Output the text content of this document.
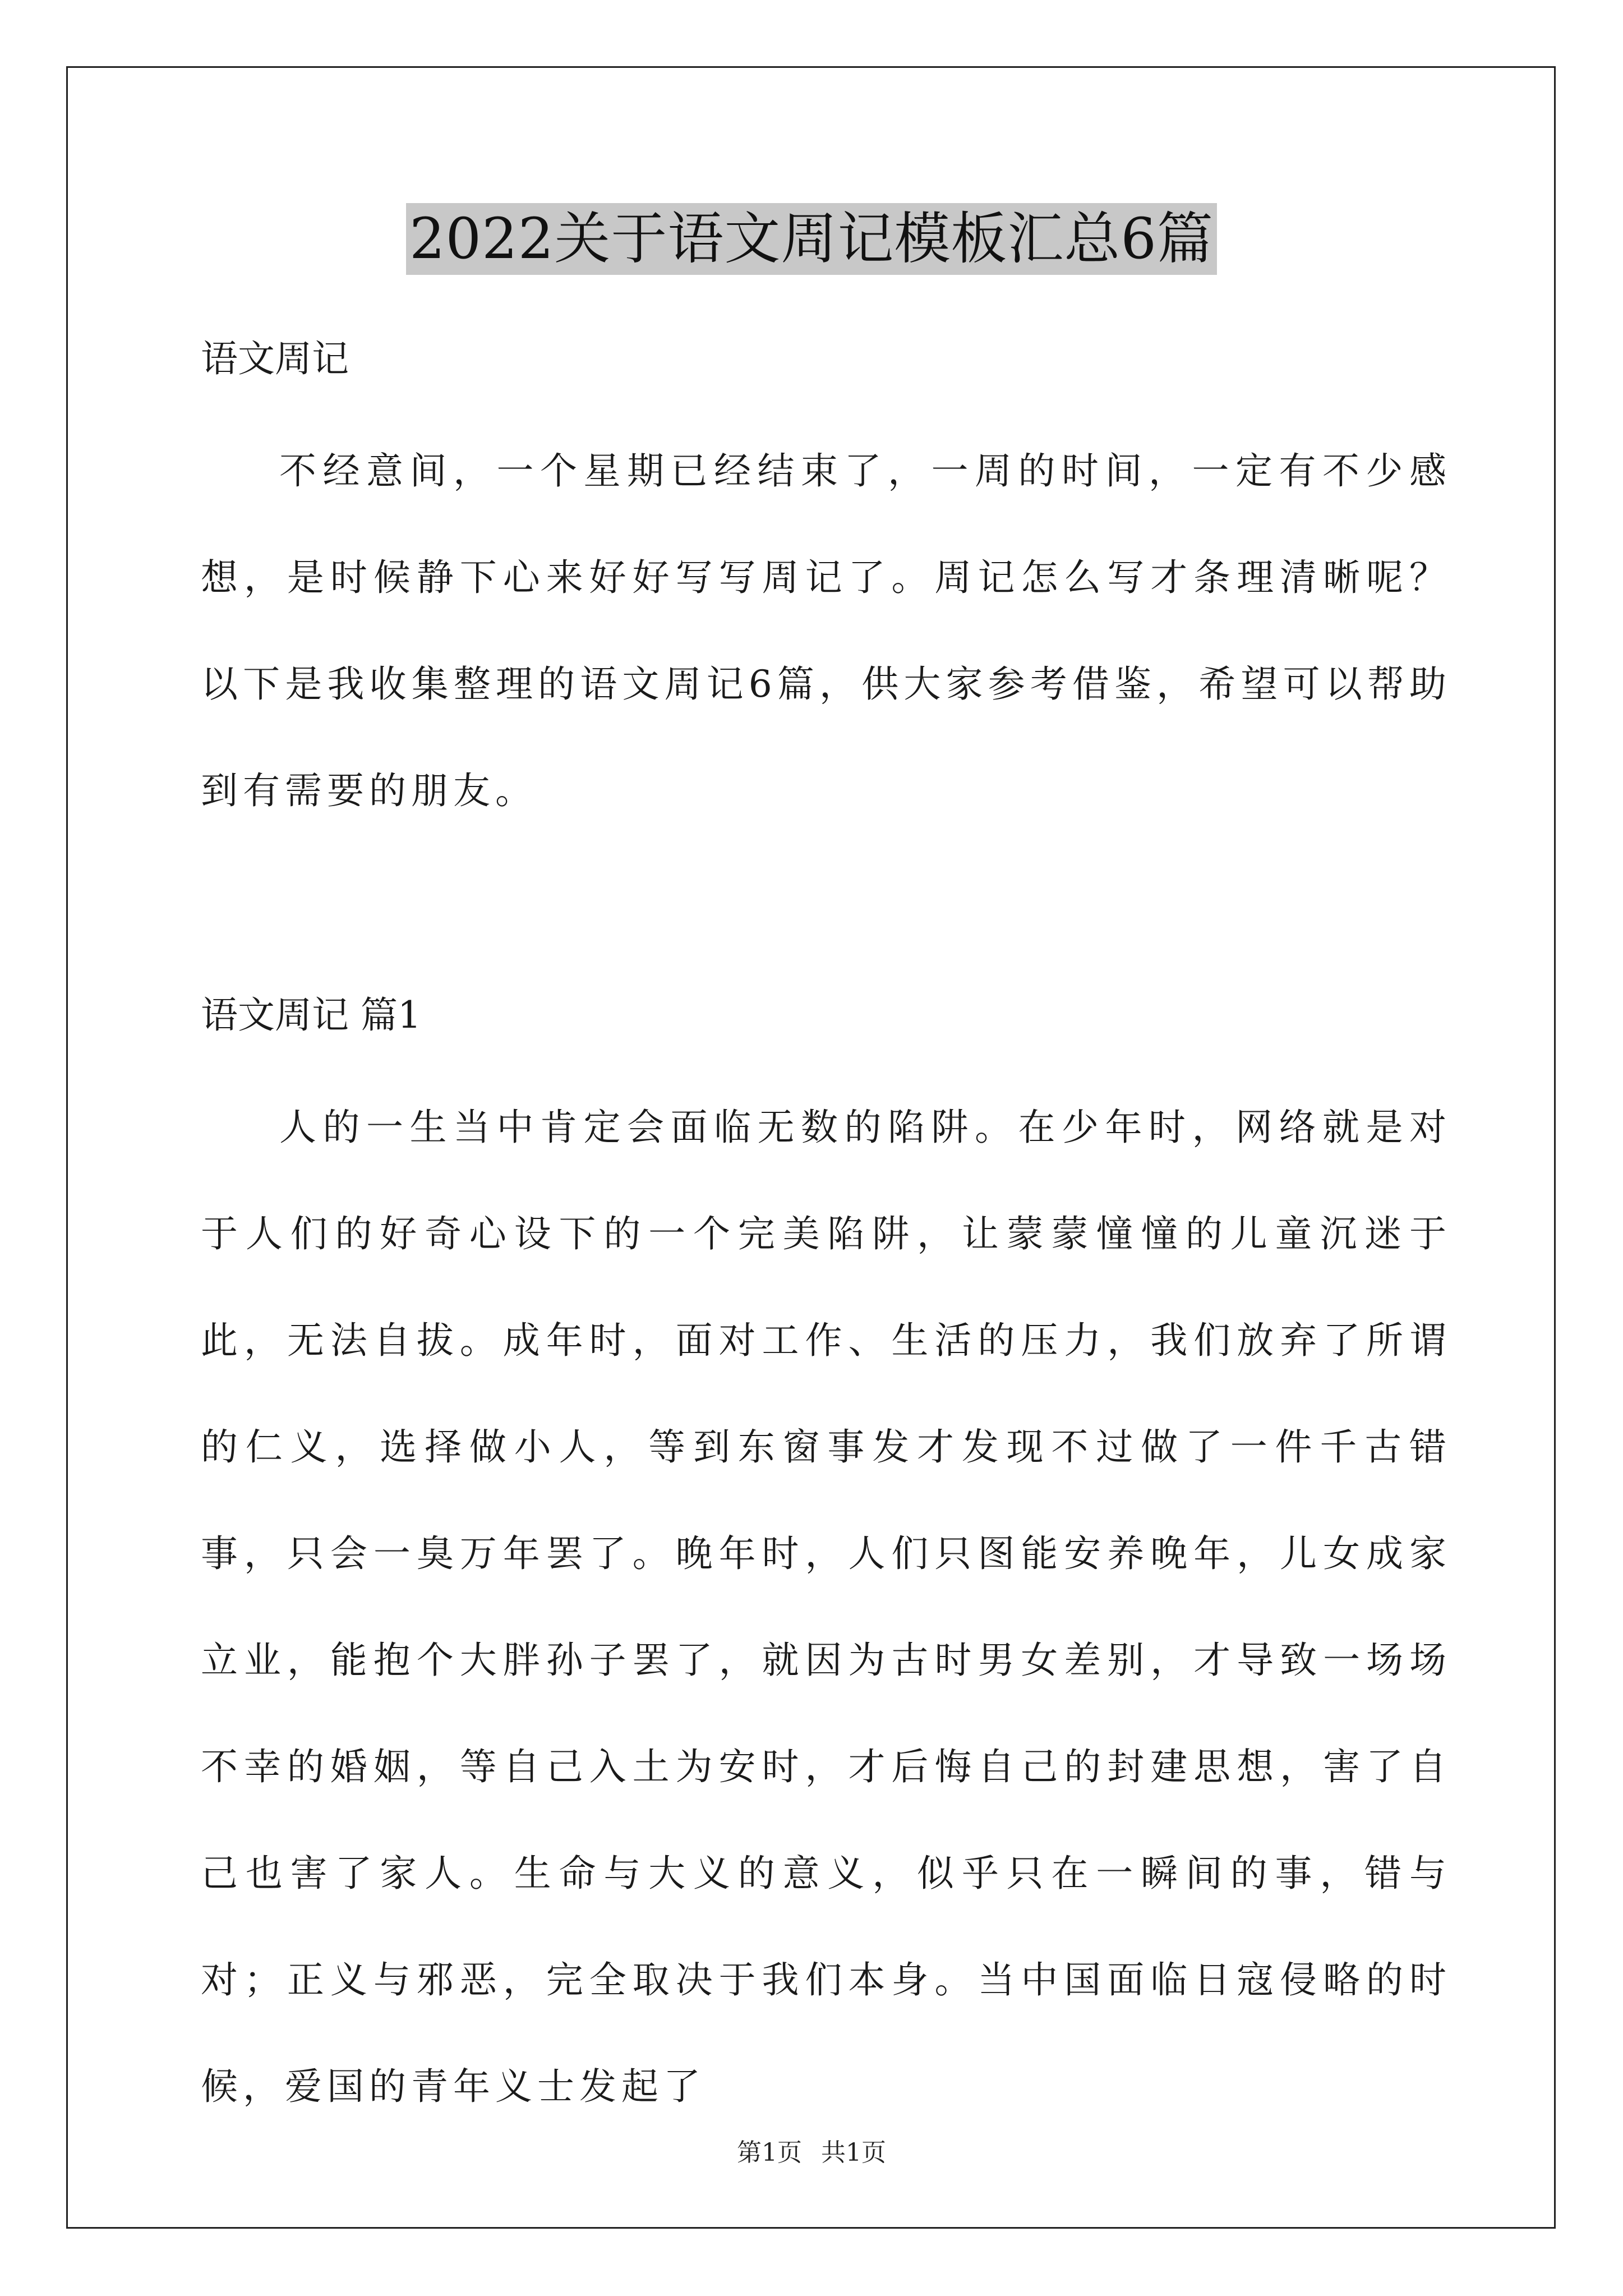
2022关于语文周记模板汇总6篇
语文周记

不经意间，一个星期已经结束了，一周的时间，一定有不少感想，是时候静下心来好好写写周记了。周记怎么写才条理清晰呢？以下是我收集整理的语文周记6篇，供大家参考借鉴，希望可以帮助到有需要的朋友。

语文周记 篇1

人的一生当中肯定会面临无数的陷阱。在少年时，网络就是对于人们的好奇心设下的一个完美陷阱，让蒙蒙憧憧的儿童沉迷于此，无法自拔。成年时，面对工作、生活的压力，我们放弃了所谓的仁义，选择做小人，等到东窗事发才发现不过做了一件千古错事，只会一臭万年罢了。晚年时，人们只图能安养晚年，儿女成家立业，能抱个大胖孙子罢了，就因为古时男女差别，才导致一场场不幸的婚姻，等自己入土为安时，才后悔自己的封建思想，害了自己也害了家人。生命与大义的意义，似乎只在一瞬间的事，错与对；正义与邪恶，完全取决于我们本身。当中国面临日寇侵略的时候，爱国的青年义士发起了

第1页 共1页
